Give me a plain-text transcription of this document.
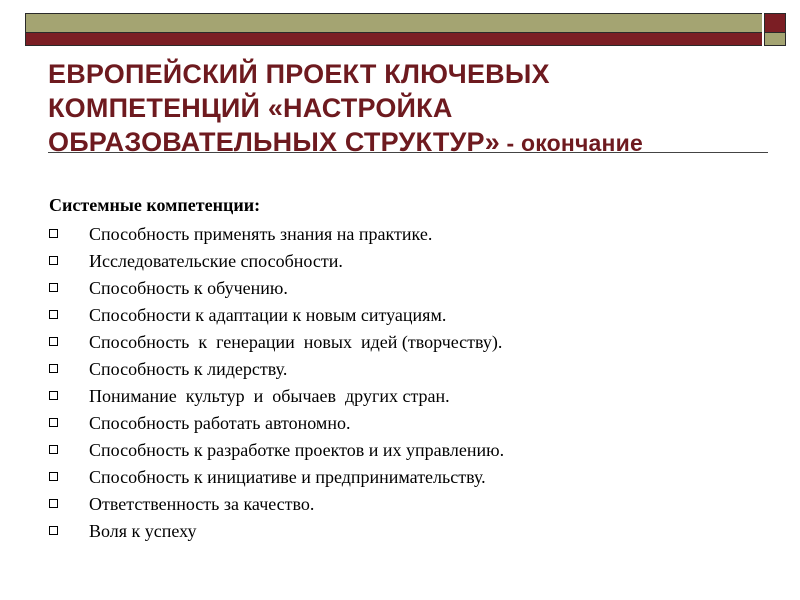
ЕВРОПЕЙСКИЙ ПРОЕКТ КЛЮЧЕВЫХ
КОМПЕТЕНЦИЙ «НАСТРОЙКА
ОБРАЗОВАТЕЛЬНЫХ СТРУКТУР» - окончание

Системные компетенции:

Способность применять знания на практике.
Исследовательские способности.
Способность к обучению.
Способности к адаптации к новым ситуациям.
Способность  к  генерации  новых  идей (творчеству).
Способность к лидерству.
Понимание  культур  и  обычаев  других стран.
Способность работать автономно.
Способность к разработке проектов и их управлению.
Способность к инициативе и предпринимательству.
Ответственность за качество.
Воля к успеху
